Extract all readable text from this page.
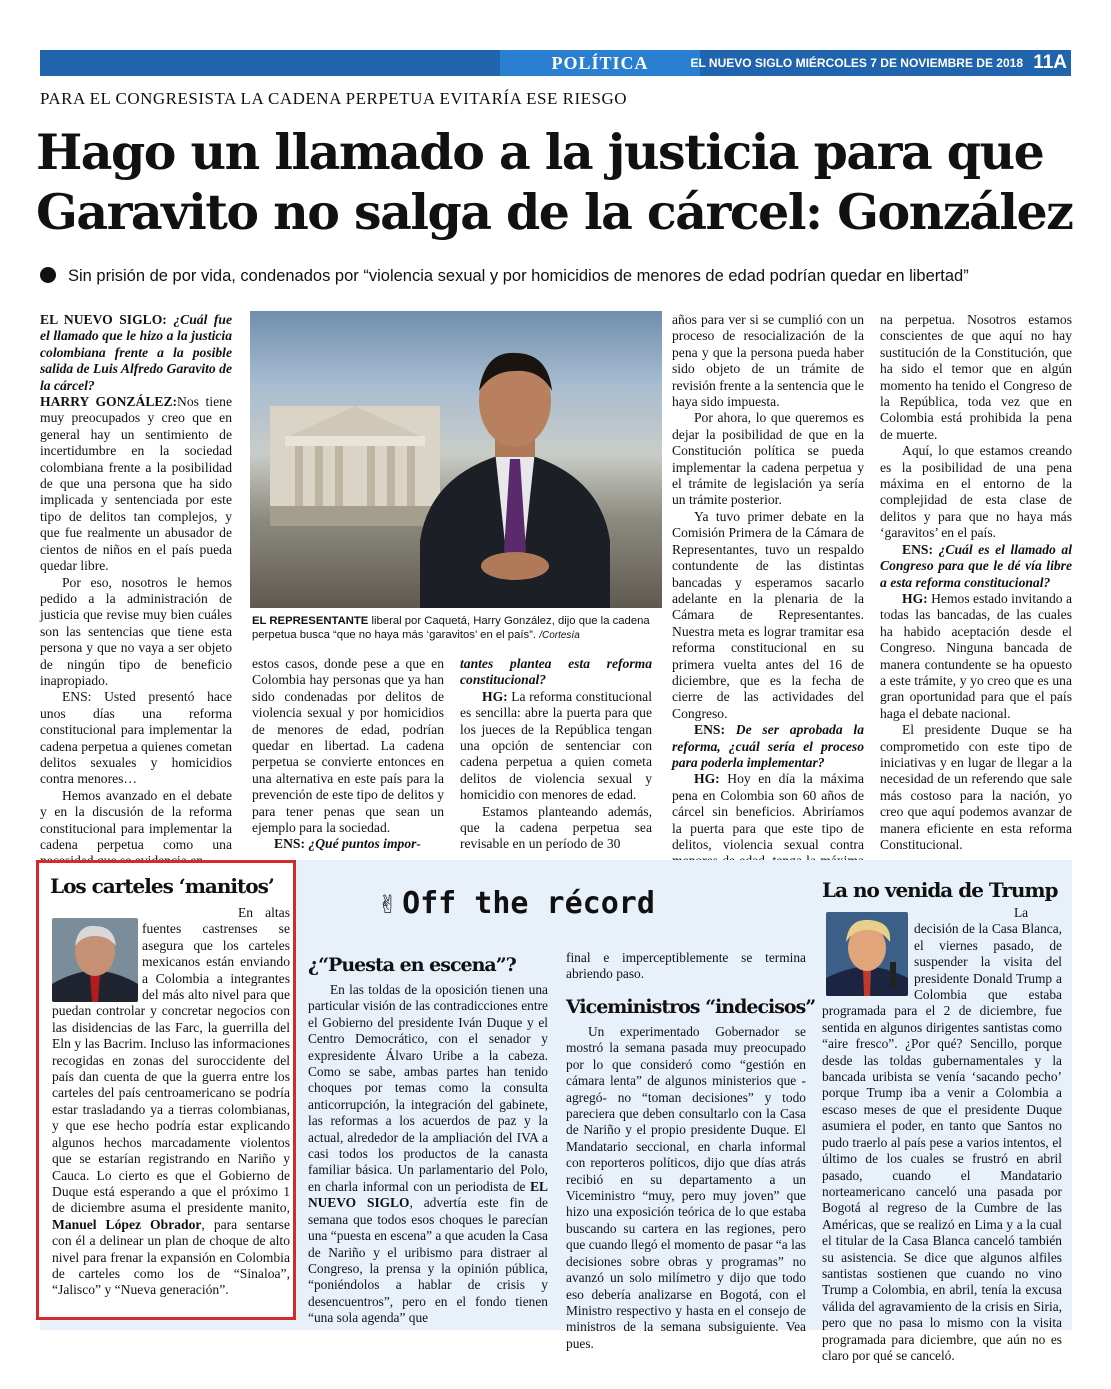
POLÍTICA	EL NUEVO SIGLO MIÉRCOLES 7 DE NOVIEMBRE DE 2018 11A
PARA EL CONGRESISTA LA CADENA PERPETUA EVITARÍA ESE RIESGO
Hago un llamado a la justicia para que
Garavito no salga de la cárcel: González
Sin prisión de por vida, condenados por “violencia sexual y por homicidios de menores de edad podrían quedar en libertad”

EL NUEVO SIGLO: ¿Cuál fue el llamado que le hizo a la justicia colombiana frente a la posible salida de Luis Alfredo Garavito de la cárcel?

HARRY GONZÁLEZ:Nos tiene muy preocupados y creo que en general hay un sentimiento de incertidumbre en la sociedad colombiana frente a la posibilidad de que una persona que ha sido implicada y sentenciada por este tipo de delitos tan complejos, y que fue realmente un abusador de cientos de niños en el país pueda quedar libre.

Por eso, nosotros le hemos pedido a la administración de justicia que revise muy bien cuáles son las sentencias que tiene esta persona y que no vaya a ser objeto de ningún tipo de beneficio inapropiado.

ENS: Usted presentó hace unos días una reforma constitucional para implementar la cadena perpetua a quienes cometan delitos sexuales y homicidios contra menores…

Hemos avanzado en el debate y en la discusión de la reforma constitucional para implementar la cadena perpetua como una

EL REPRESENTANTE liberal por Caquetá, Harry González, dijo que la cadena perpetua busca “que no haya más ‘garavitos’ en el país”. /Cortesía

estos casos, donde pese a que en Colombia hay personas que ya han sido condenadas por delitos de violencia sexual y por homicidios de menores de edad, podrían quedar en libertad. La cadena perpetua se convierte entonces en una alternativa en este país para la prevención de este tipo de delitos y para tener penas que sean un ejemplo para la sociedad.

ENS: ¿Qué puntos impor-

tantes plantea esta reforma constitucional?

HG: La reforma constitucional es sencilla: abre la puerta para que los jueces de la República tengan una opción de sentenciar con cadena perpetua a quien cometa delitos de violencia sexual y homicidio con menores de edad.

Estamos planteando además, que la cadena perpetua sea revisable en un período de 30

años para ver si se cumplió con un proceso de resocialización de la pena y que la persona pueda haber sido objeto de un trámite de revisión frente a la sentencia que le haya sido impuesta.

Por ahora, lo que queremos es dejar la posibilidad de que en la Constitución política se pueda implementar la cadena perpetua y el trámite de legislación ya sería un trámite posterior.

Ya tuvo primer debate en la Comisión Primera de la Cámara de Representantes, tuvo un respaldo contundente de las distintas bancadas y esperamos sacarlo adelante en la plenaria de la Cámara de Representantes. Nuestra meta es lograr tramitar esa reforma constitucional en su primera vuelta antes del 16 de diciembre, que es la fecha de cierre de las actividades del Congreso.

ENS: De ser aprobada la reforma, ¿cuál sería el proceso para poderla implementar?

HG: Hoy en día la máxima pena en Colombia son 60 años de cárcel sin beneficios. Abriríamos la puerta para que este tipo de delitos, violencia sexual contra

na perpetua. Nosotros estamos conscientes de que aquí no hay sustitución de la Constitución, que ha sido el temor que en algún momento ha tenido el Congreso de la República, toda vez que en Colombia está prohibida la pena de muerte.

Aquí, lo que estamos creando es la posibilidad de una pena máxima en el entorno de la complejidad de esta clase de delitos y para que no haya más ‘garavitos’ en el país.

ENS: ¿Cuál es el llamado al Congreso para que le dé vía libre a esta reforma constitucional?

HG: Hemos estado invitando a todas las bancadas, de las cuales ha habido aceptación desde el Congreso. Ninguna bancada de manera contundente se ha opuesto a este trámite, y yo creo que es una gran oportunidad para que el país haga el debate nacional.

El presidente Duque se ha comprometido con este tipo de iniciativas y en lugar de llegar a la necesidad de un referendo que sale más costoso para la nación, yo creo que aquí podemos avanzar de manera eficiente en esta reforma Constitucional.

Los carteles ‘manitos’

En altas fuentes castrenses se asegura que los carteles mexicanos están enviando a Colombia a integrantes del más alto nivel para que puedan controlar y concretar negocios con las disidencias de las Farc, la guerrilla del Eln y las Bacrim. Incluso las informaciones recogidas en zonas del suroccidente del país dan cuenta de que la guerra entre los carteles del país centroamericano se podría estar trasladando ya a tierras colombianas, y que ese hecho podría estar explicando algunos hechos marcadamente violentos que se estarían registrando en Nariño y Cauca. Lo cierto es que el Gobierno de Duque está esperando a que el próximo 1 de diciembre asuma el presidente manito, Manuel López Obrador, para sentarse con él a delinear un plan de choque de alto nivel para frenar la expansión en Colombia de carteles como los de “Sinaloa”, “Jalisco” y “Nueva generación”.

✌ Off the récord
¿“Puesta en escena”?

En las toldas de la oposición tienen una particular visión de las contradicciones entre el Gobierno del presidente Iván Duque y el Centro Democrático, con el senador y expresidente Álvaro Uribe a la cabeza. Como se sabe, ambas partes han tenido choques por temas como la consulta anticorrupción, la integración del gabinete, las reformas a los acuerdos de paz y la actual, alrededor de la ampliación del IVA a casi todos los productos de la canasta familiar básica. Un parlamentario del Polo, en charla informal con un periodista de EL NUEVO SIGLO, advertía este fin de semana que todos esos choques le parecían una “puesta en escena” a que acuden la Casa de Nariño y el uribismo para distraer al Congreso, la prensa y la opinión pública, “poniéndolos a hablar de crisis y desencuentros”, pero en el fondo tienen “una sola agenda” que

final e imperceptiblemente se termina abriendo paso.

Viceministros “indecisos”

Un experimentado Gobernador se mostró la semana pasada muy preocupado por lo que consideró como “gestión en cámara lenta” de algunos ministerios que -agregó- no “toman decisiones” y todo pareciera que deben consultarlo con la Casa de Nariño y el propio presidente Duque. El Mandatario seccional, en charla informal con reporteros políticos, dijo que días atrás recibió en su departamento a un Viceministro “muy, pero muy joven” que hizo una exposición teórica de lo que estaba buscando su cartera en las regiones, pero que cuando llegó el momento de pasar “a las decisiones sobre obras y programas” no avanzó un solo milímetro y dijo que todo eso debería analizarse en Bogotá, con el Ministro respectivo y hasta en el consejo de ministros de la semana subsiguiente. Vea pues.

La no venida de Trump

La decisión de la Casa Blanca, el viernes pasado, de suspender la visita del presidente Donald Trump a Colombia que estaba programada para el 2 de diciembre, fue sentida en algunos dirigentes santistas como “aire fresco”. ¿Por qué? Sencillo, porque desde las toldas gubernamentales y la bancada uribista se venía ‘sacando pecho’ porque Trump iba a venir a Colombia a escaso meses de que el presidente Duque asumiera el poder, en tanto que Santos no pudo traerlo al país pese a varios intentos, el último de los cuales se frustró en abril pasado, cuando el Mandatario norteamericano canceló una pasada por Bogotá al regreso de la Cumbre de las Américas, que se realizó en Lima y a la cual el titular de la Casa Blanca canceló también su asistencia. Se dice que algunos alfiles santistas sostienen que cuando no vino Trump a Colombia, en abril, tenía la excusa válida del agravamiento de la crisis en Siria, pero que no pasa lo mismo con la visita programada para diciembre, que aún no es claro por qué se canceló.
